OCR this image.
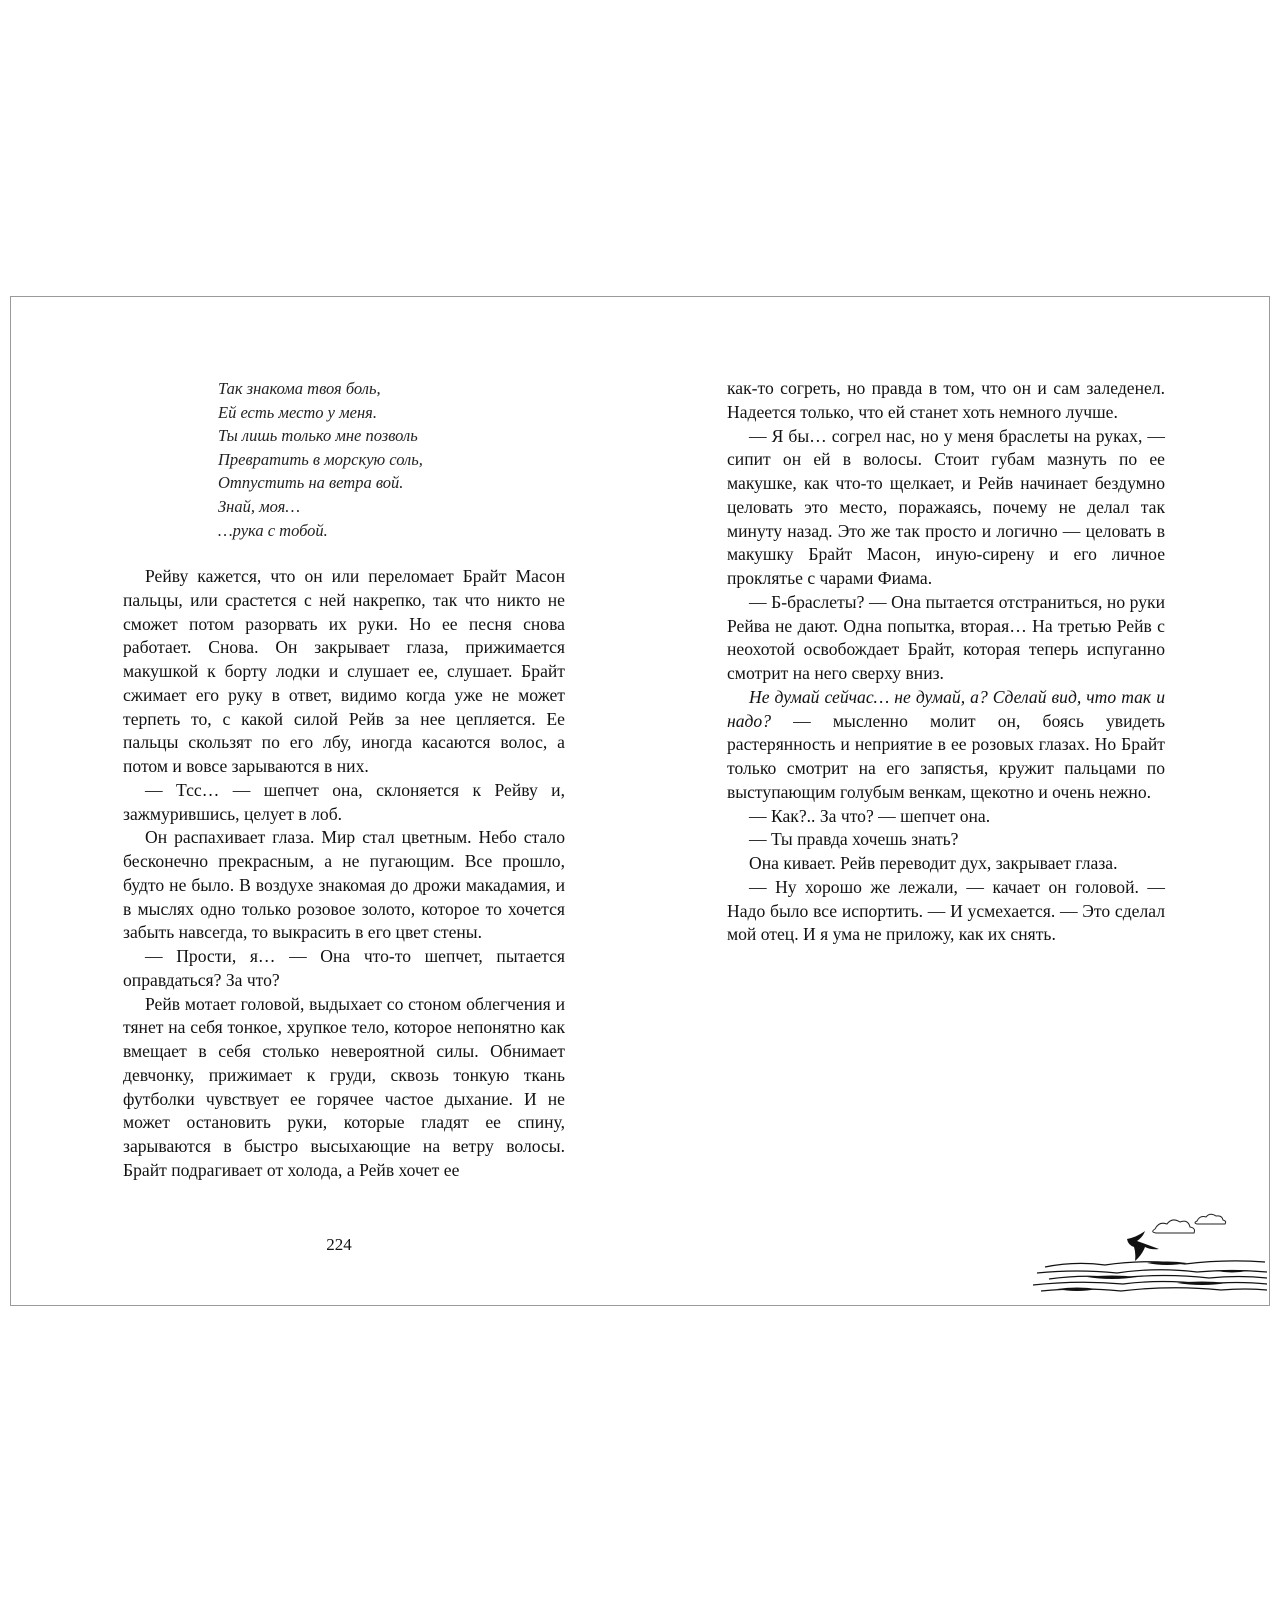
Так знакома твоя боль,
Ей есть место у меня.
Ты лишь только мне позволь
Превратить в морскую соль,
Отпустить на ветра вой.
Знай, моя…
…рука с тобой.

Рейву кажется, что он или переломает Брайт Масон пальцы, или срастется с ней накрепко, так что никто не сможет потом разорвать их руки. Но ее песня снова работает. Снова. Он закрывает глаза, прижимается макушкой к борту лодки и слушает ее, слушает. Брайт сжимает его руку в ответ, видимо когда уже не может терпеть то, с какой силой Рейв за нее цепляется. Ее пальцы скользят по его лбу, иногда касаются волос, а потом и вовсе зарываются в них.

— Тсс… — шепчет она, склоняется к Рейву и, зажмурившись, целует в лоб.

Он распахивает глаза. Мир стал цветным. Небо стало бесконечно прекрасным, а не пугающим. Все прошло, будто не было. В воздухе знакомая до дрожи макадамия, и в мыслях одно только розовое золото, которое то хочется забыть навсегда, то выкрасить в его цвет стены.

— Прости, я… — Она что-то шепчет, пытается оправдаться? За что?

Рейв мотает головой, выдыхает со стоном облегчения и тянет на себя тонкое, хрупкое тело, которое непонятно как вмещает в себя столько невероятной силы. Обнимает девчонку, прижимает к груди, сквозь тонкую ткань футболки чувствует ее горячее частое дыхание. И не может остановить руки, которые гладят ее спину, зарываются в быстро высыхающие на ветру волосы. Брайт подрагивает от холода, а Рейв хочет ее

224

как-то согреть, но правда в том, что он и сам заледенел. Надеется только, что ей станет хоть немного лучше.

— Я бы… согрел нас, но у меня браслеты на руках, — сипит он ей в волосы. Стоит губам мазнуть по ее макушке, как что-то щелкает, и Рейв начинает бездумно целовать это место, поражаясь, почему не делал так минуту назад. Это же так просто и логично — целовать в макушку Брайт Масон, иную-сирену и его личное проклятье с чарами Фиама.

— Б-браслеты? — Она пытается отстраниться, но руки Рейва не дают. Одна попытка, вторая… На третью Рейв с неохотой освобождает Брайт, которая теперь испуганно смотрит на него сверху вниз.

Не думай сейчас… не думай, а? Сделай вид, что так и надо? — мысленно молит он, боясь увидеть растерянность и неприятие в ее розовых глазах. Но Брайт только смотрит на его запястья, кружит пальцами по выступающим голубым венкам, щекотно и очень нежно.

— Как?.. За что? — шепчет она.

— Ты правда хочешь знать?

Она кивает. Рейв переводит дух, закрывает глаза.

— Ну хорошо же лежали, — качает он головой. — Надо было все испортить. — И усмехается. — Это сделал мой отец. И я ума не приложу, как их снять.
